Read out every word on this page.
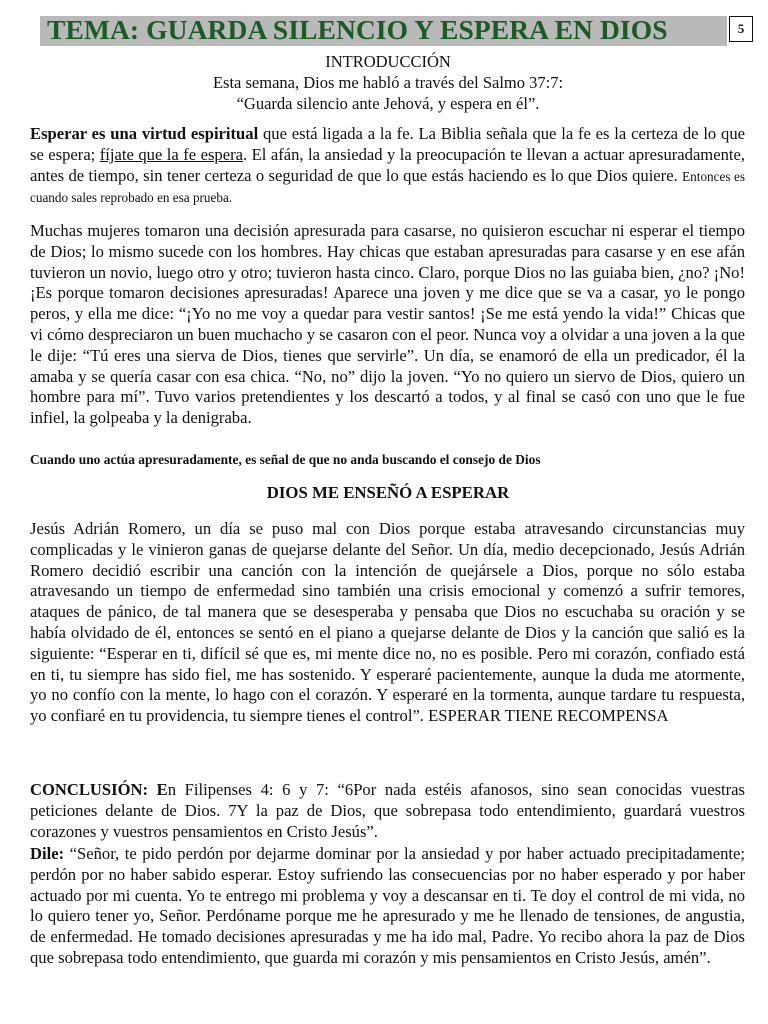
TEMA: GUARDA SILENCIO Y ESPERA EN DIOS	5
INTRODUCCIÓN
Esta semana, Dios me habló a través del Salmo 37:7:
“Guarda silencio ante Jehová, y espera en él”.

Esperar es una virtud espiritual que está ligada a la fe. La Biblia señala que la fe es la certeza de lo que se espera; fíjate que la fe espera. El afán, la ansiedad y la preocupación te llevan a actuar apresuradamente, antes de tiempo, sin tener certeza o seguridad de que lo que estás haciendo es lo que Dios quiere. Entonces es cuando sales reprobado en esa prueba.

Muchas mujeres tomaron una decisión apresurada para casarse, no quisieron escuchar ni esperar el tiempo de Dios; lo mismo sucede con los hombres. Hay chicas que estaban apresuradas para casarse y en ese afán tuvieron un novio, luego otro y otro; tuvieron hasta cinco. Claro, porque Dios no las guiaba bien, ¿no? ¡No! ¡Es porque tomaron decisiones apresuradas! Aparece una joven y me dice que se va a casar, yo le pongo peros, y ella me dice: “¡Yo no me voy a quedar para vestir santos! ¡Se me está yendo la vida!” Chicas que vi cómo despreciaron un buen muchacho y se casaron con el peor. Nunca voy a olvidar a una joven a la que le dije: “Tú eres una sierva de Dios, tienes que servirle”. Un día, se enamoró de ella un predicador, él la amaba y se quería casar con esa chica. “No, no” dijo la joven. “Yo no quiero un siervo de Dios, quiero un hombre para mí”. Tuvo varios pretendientes y los descartó a todos, y al final se casó con uno que le fue infiel, la golpeaba y la denigraba.

Cuando uno actúa apresuradamente, es señal de que no anda buscando el consejo de Dios
DIOS ME ENSEÑÓ A ESPERAR

Jesús Adrián Romero, un día se puso mal con Dios porque estaba atravesando circunstancias muy complicadas y le vinieron ganas de quejarse delante del Señor. Un día, medio decepcionado, Jesús Adrián Romero decidió escribir una canción con la intención de quejársele a Dios, porque no sólo estaba atravesando un tiempo de enfermedad sino también una crisis emocional y comenzó a sufrir temores, ataques de pánico, de tal manera que se desesperaba y pensaba que Dios no escuchaba su oración y se había olvidado de él, entonces se sentó en el piano a quejarse delante de Dios y la canción que salió es la siguiente: “Esperar en ti, difícil sé que es, mi mente dice no, no es posible. Pero mi corazón, confiado está en ti, tu siempre has sido fiel, me has sostenido. Y esperaré pacientemente, aunque la duda me atormente, yo no confío con la mente, lo hago con el corazón. Y esperaré en la tormenta, aunque tardare tu respuesta, yo confiaré en tu providencia, tu siempre tienes el control”. ESPERAR TIENE RECOMPENSA

CONCLUSIÓN: En Filipenses 4: 6 y 7: “6Por nada estéis afanosos, sino sean conocidas vuestras peticiones delante de Dios. 7Y la paz de Dios, que sobrepasa todo entendimiento, guardará vuestros corazones y vuestros pensamientos en Cristo Jesús”.

Dile: “Señor, te pido perdón por dejarme dominar por la ansiedad y por haber actuado precipitadamente; perdón por no haber sabido esperar. Estoy sufriendo las consecuencias por no haber esperado y por haber actuado por mi cuenta. Yo te entrego mi problema y voy a descansar en ti. Te doy el control de mi vida, no lo quiero tener yo, Señor. Perdóname porque me he apresurado y me he llenado de tensiones, de angustia, de enfermedad. He tomado decisiones apresuradas y me ha ido mal, Padre. Yo recibo ahora la paz de Dios que sobrepasa todo entendimiento, que guarda mi corazón y mis pensamientos en Cristo Jesús, amén”.
